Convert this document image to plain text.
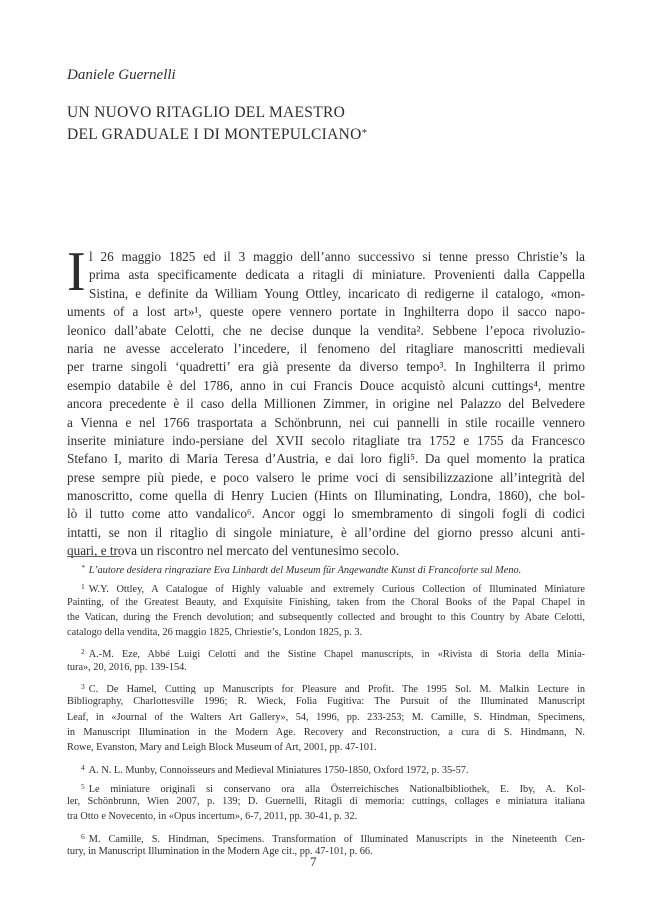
Daniele Guernelli
UN NUOVO RITAGLIO DEL MAESTRO
DEL GRADUALE I DI MONTEPULCIANO*
I l 26 maggio 1825 ed il 3 maggio dell’anno successivo si tenne presso Christie’s la
prima asta specificamente dedicata a ritagli di miniature. Provenienti dalla Cappella
Sistina, e definite da William Young Ottley, incaricato di redigerne il catalogo, «mon-
uments of a lost art»¹, queste opere vennero portate in Inghilterra dopo il sacco napo-
leonico dall’abate Celotti, che ne decise dunque la vendita². Sebbene l’epoca rivoluzio-
naria ne avesse accelerato l’incedere, il fenomeno del ritagliare manoscritti medievali
per trarne singoli ‘quadretti’ era già presente da diverso tempo³. In Inghilterra il primo
esempio databile è del 1786, anno in cui Francis Douce acquistò alcuni cuttings⁴, mentre
ancora precedente è il caso della Millionen Zimmer, in origine nel Palazzo del Belvedere
a Vienna e nel 1766 trasportata a Schönbrunn, nei cui pannelli in stile rocaille vennero
inserite miniature indo-persiane del XVII secolo ritagliate tra 1752 e 1755 da Francesco
Stefano I, marito di Maria Teresa d’Austria, e dai loro figli⁵. Da quel momento la pratica
prese sempre più piede, e poco valsero le prime voci di sensibilizzazione all’integrità del
manoscritto, come quella di Henry Lucien (Hints on Illuminating, Londra, 1860), che bol-
lò il tutto come atto vandalico⁶. Ancor oggi lo smembramento di singoli fogli di codici
intatti, se non il ritaglio di singole miniature, è all’ordine del giorno presso alcuni anti-
quari, e trova un riscontro nel mercato del ventunesimo secolo.
* L’autore desidera ringraziare Eva Linhardt del Museum für Angewandte Kunst di Francoforte sul Meno.
$^1$ W.Y. Ottley, A Catalogue of Highly valuable and extremely Curious Collection of Illuminated Miniature
Painting, of the Greatest Beauty, and Exquisite Finishing, taken from the Choral Books of the Papal Chapel in
the Vatican, during the French devolution; and subsequently collected and brought to this Country by Abate Celotti,
catalogo della vendita, 26 maggio 1825, Chriestie’s, London 1825, p. 3.
$^2$ A.-M. Eze, Abbé Luigi Celotti and the Sistine Chapel manuscripts, in «Rivista di Storia della Minia-
tura», 20, 2016, pp. 139-154.
$^3$ C. De Hamel, Cutting up Manuscripts for Pleasure and Profit. The 1995 Sol. M. Malkin Lecture in
Bibliography, Charlottesville 1996; R. Wieck, Folia Fugitiva: The Pursuit of the Illuminated Manuscript
Leaf, in «Journal of the Walters Art Gallery», 54, 1996, pp. 233-253; M. Camille, S. Hindman, Specimens,
in Manuscript Illumination in the Modern Age. Recovery and Reconstruction, a cura di S. Hindmann, N.
Rowe, Evanston, Mary and Leigh Block Museum of Art, 2001, pp. 47-101.
$^4$ A. N. L. Munby, Connoisseurs and Medieval Miniatures 1750-1850, Oxford 1972, p. 35-57.
$^5$ Le miniature originali si conservano ora alla Österreichisches Nationalbibliothek, E. Iby, A. Kol-
ler, Schönbrunn, Wien 2007, p. 139; D. Guernelli, Ritagli di memoria: cuttings, collages e miniatura italiana
tra Otto e Novecento, in «Opus incertum», 6-7, 2011, pp. 30-41, p. 32.
$^6$ M. Camille, S. Hindman, Specimens. Transformation of Illuminated Manuscripts in the Nineteenth Cen-
tury, in Manuscript Illumination in the Modern Age cit., pp. 47-101, p. 66.
7
